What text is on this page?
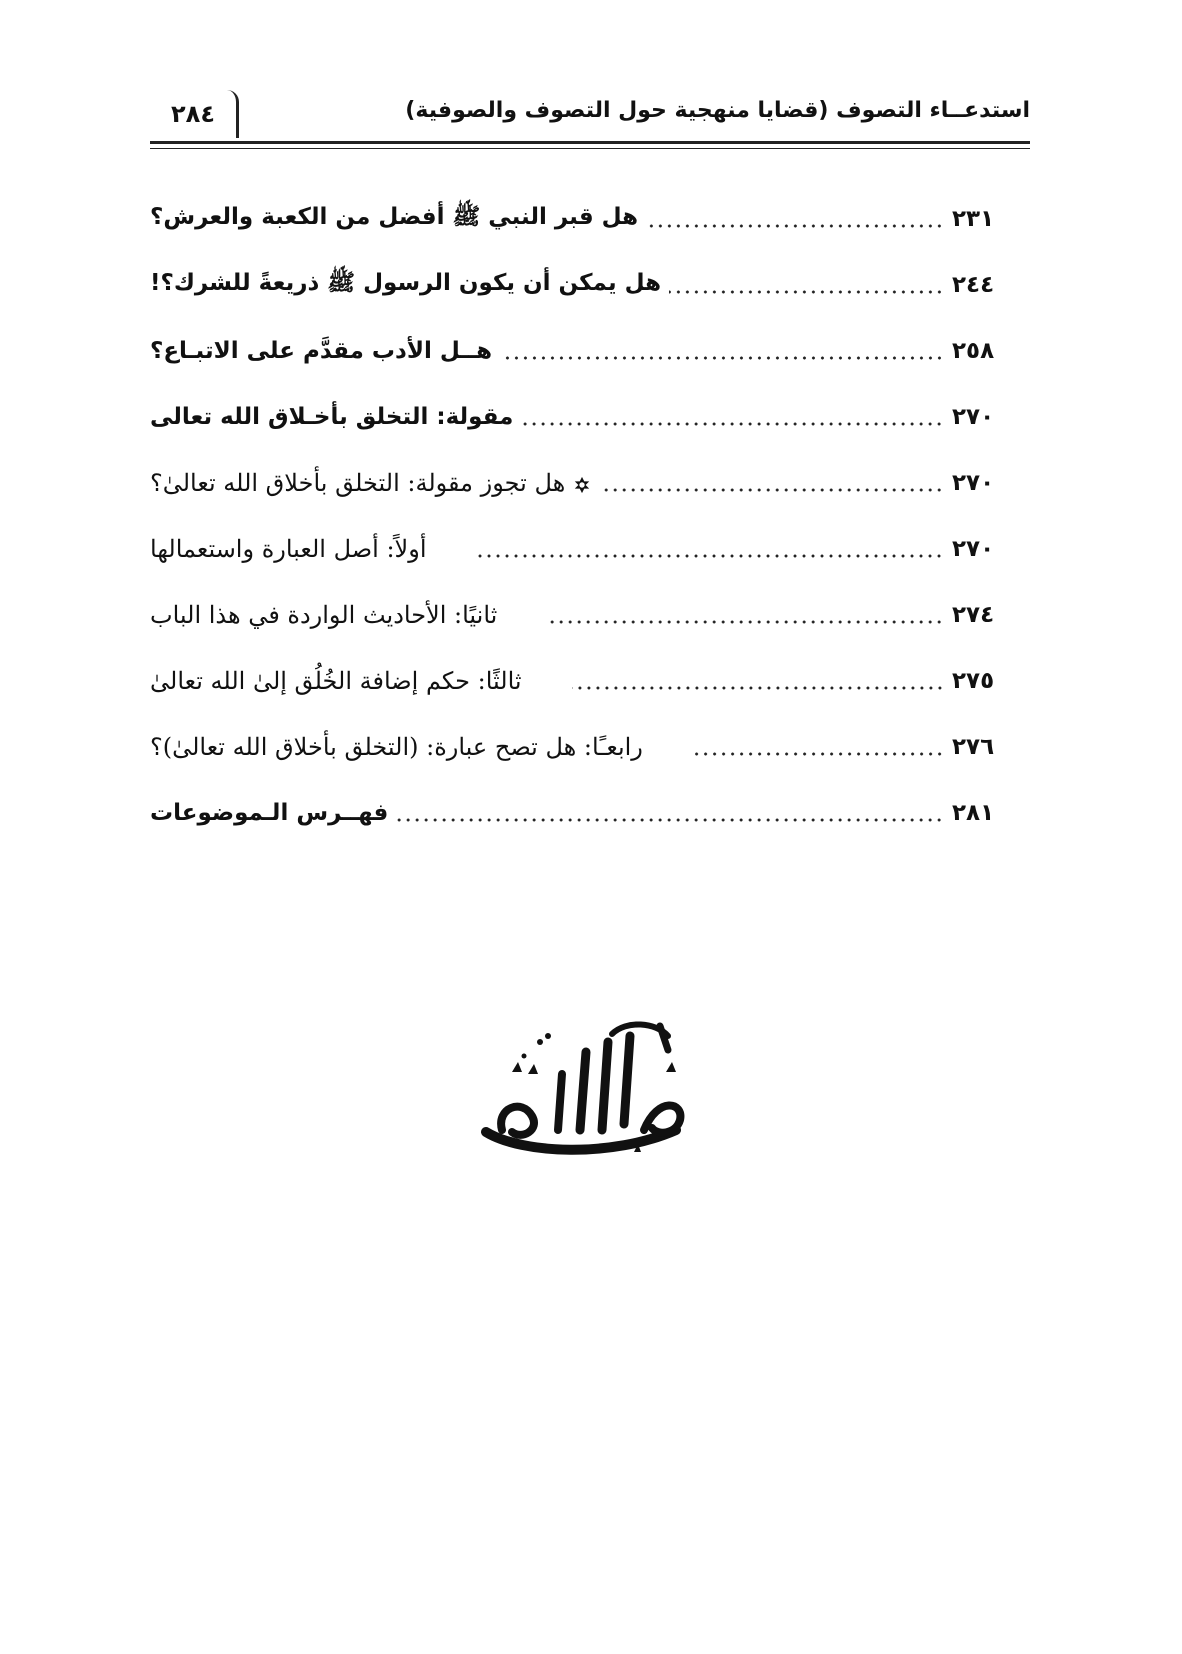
٢٨٤	استدعــاء التصوف (قضايا منهجية حول التصوف والصوفية)
هل قبر النبي ﷺ أفضل من الكعبة والعرش؟	٢٣١
هل يمكن أن يكون الرسول ﷺ ذريعةً للشرك؟!	٢٤٤
هــل الأدب مقدَّم على الاتبـاع؟	٢٥٨
مقولة: التخلق بأخـلاق الله تعالى	٢٧٠
هل تجوز مقولة: التخلق بأخلاق الله تعالىٰ؟	٢٧٠
أولاً: أصل العبارة واستعمالها	٢٧٠
ثانيًا: الأحاديث الواردة في هذا الباب	٢٧٤
ثالثًا: حكم إضافة الخُلُق إلىٰ الله تعالىٰ	٢٧٥
رابعـًا: هل تصح عبارة: (التخلق بأخلاق الله تعالىٰ)؟	٢٧٦
فهــرس الـموضوعات	٢٨١
